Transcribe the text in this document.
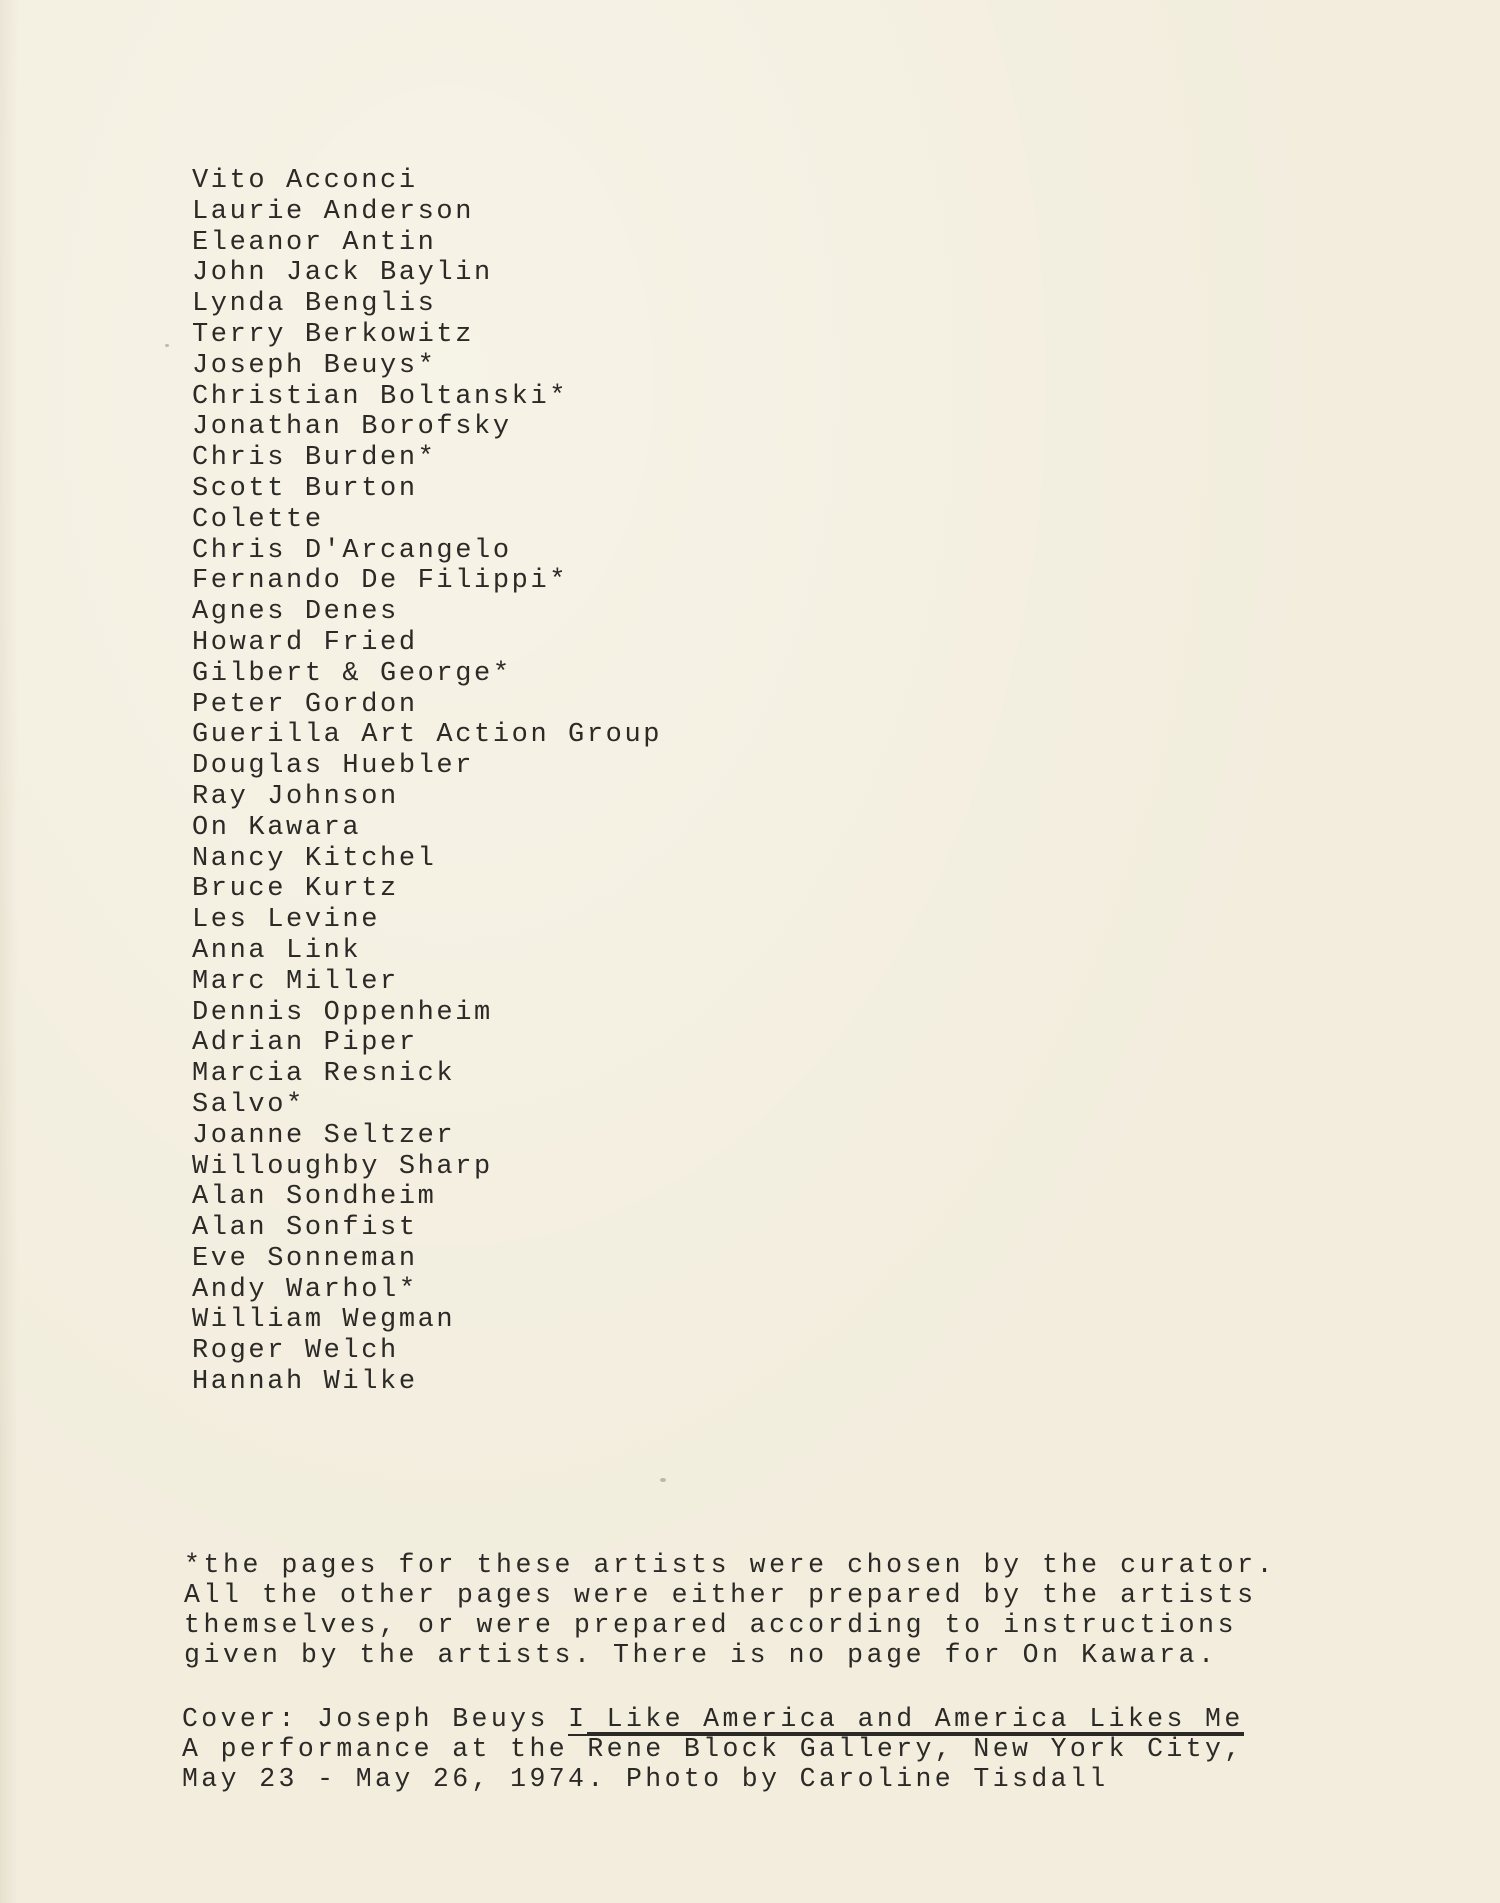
Vito Acconci
Laurie Anderson
Eleanor Antin
John Jack Baylin
Lynda Benglis
Terry Berkowitz
Joseph Beuys*
Christian Boltanski*
Jonathan Borofsky
Chris Burden*
Scott Burton
Colette
Chris D'Arcangelo
Fernando De Filippi*
Agnes Denes
Howard Fried
Gilbert & George*
Peter Gordon
Guerilla Art Action Group
Douglas Huebler
Ray Johnson
On Kawara
Nancy Kitchel
Bruce Kurtz
Les Levine
Anna Link
Marc Miller
Dennis Oppenheim
Adrian Piper
Marcia Resnick
Salvo*
Joanne Seltzer
Willoughby Sharp
Alan Sondheim
Alan Sonfist
Eve Sonneman
Andy Warhol*
William Wegman
Roger Welch
Hannah Wilke

*the pages for these artists were chosen by the curator.

All the other pages were either prepared by the artists

themselves, or were prepared according to instructions

given by the artists. There is no page for On Kawara.

Cover: Joseph Beuys I Like America and America Likes Me

A performance at the Rene Block Gallery, New York City,

May 23 - May 26, 1974. Photo by Caroline Tisdall
